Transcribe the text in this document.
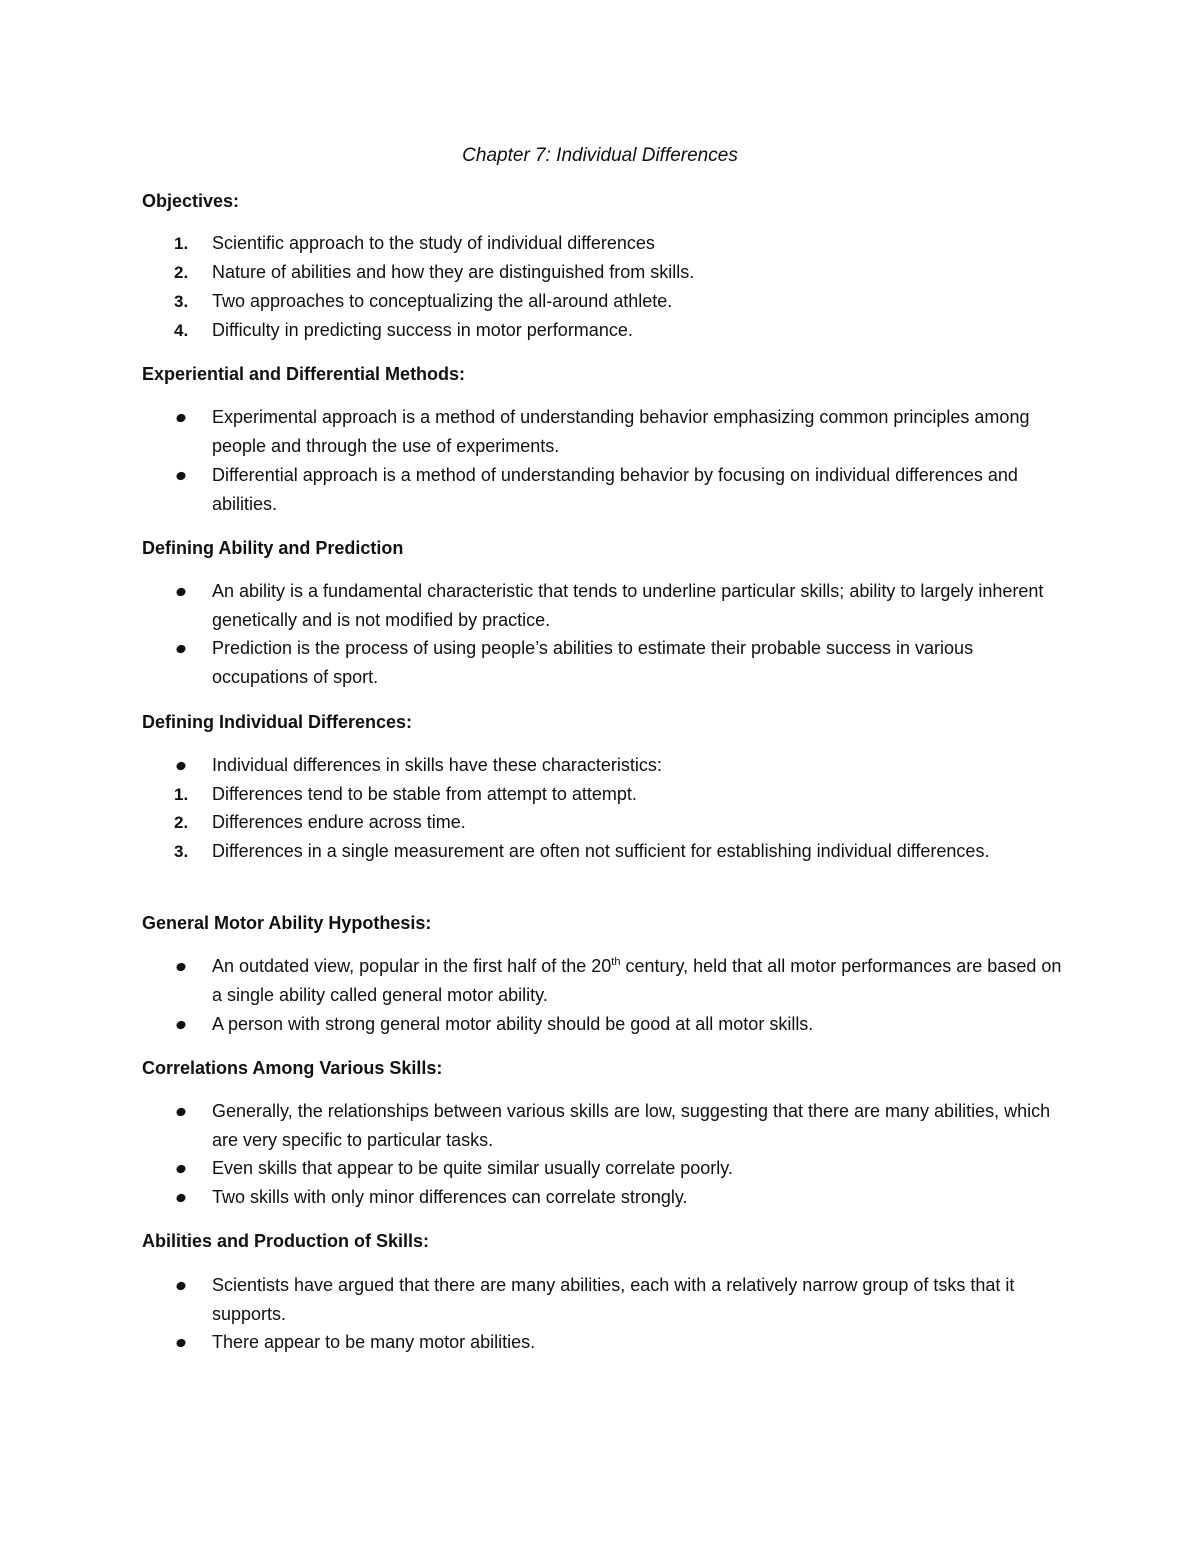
Chapter 7: Individual Differences
Objectives:
1. Scientific approach to the study of individual differences
2. Nature of abilities and how they are distinguished from skills.
3. Two approaches to conceptualizing the all-around athlete.
4. Difficulty in predicting success in motor performance.
Experiential and Differential Methods:
Experimental approach is a method of understanding behavior emphasizing common principles among people and through the use of experiments.
Differential approach is a method of understanding behavior by focusing on individual differences and abilities.
Defining Ability and Prediction
An ability is a fundamental characteristic that tends to underline particular skills; ability to largely inherent genetically and is not modified by practice.
Prediction is the process of using people’s abilities to estimate their probable success in various occupations of sport.
Defining Individual Differences:
Individual differences in skills have these characteristics:
1. Differences tend to be stable from attempt to attempt.
2. Differences endure across time.
3. Differences in a single measurement are often not sufficient for establishing individual differences.
General Motor Ability Hypothesis:
An outdated view, popular in the first half of the 20th century, held that all motor performances are based on a single ability called general motor ability.
A person with strong general motor ability should be good at all motor skills.
Correlations Among Various Skills:
Generally, the relationships between various skills are low, suggesting that there are many abilities, which are very specific to particular tasks.
Even skills that appear to be quite similar usually correlate poorly.
Two skills with only minor differences can correlate strongly.
Abilities and Production of Skills:
Scientists have argued that there are many abilities, each with a relatively narrow group of tsks that it supports.
There appear to be many motor abilities.
